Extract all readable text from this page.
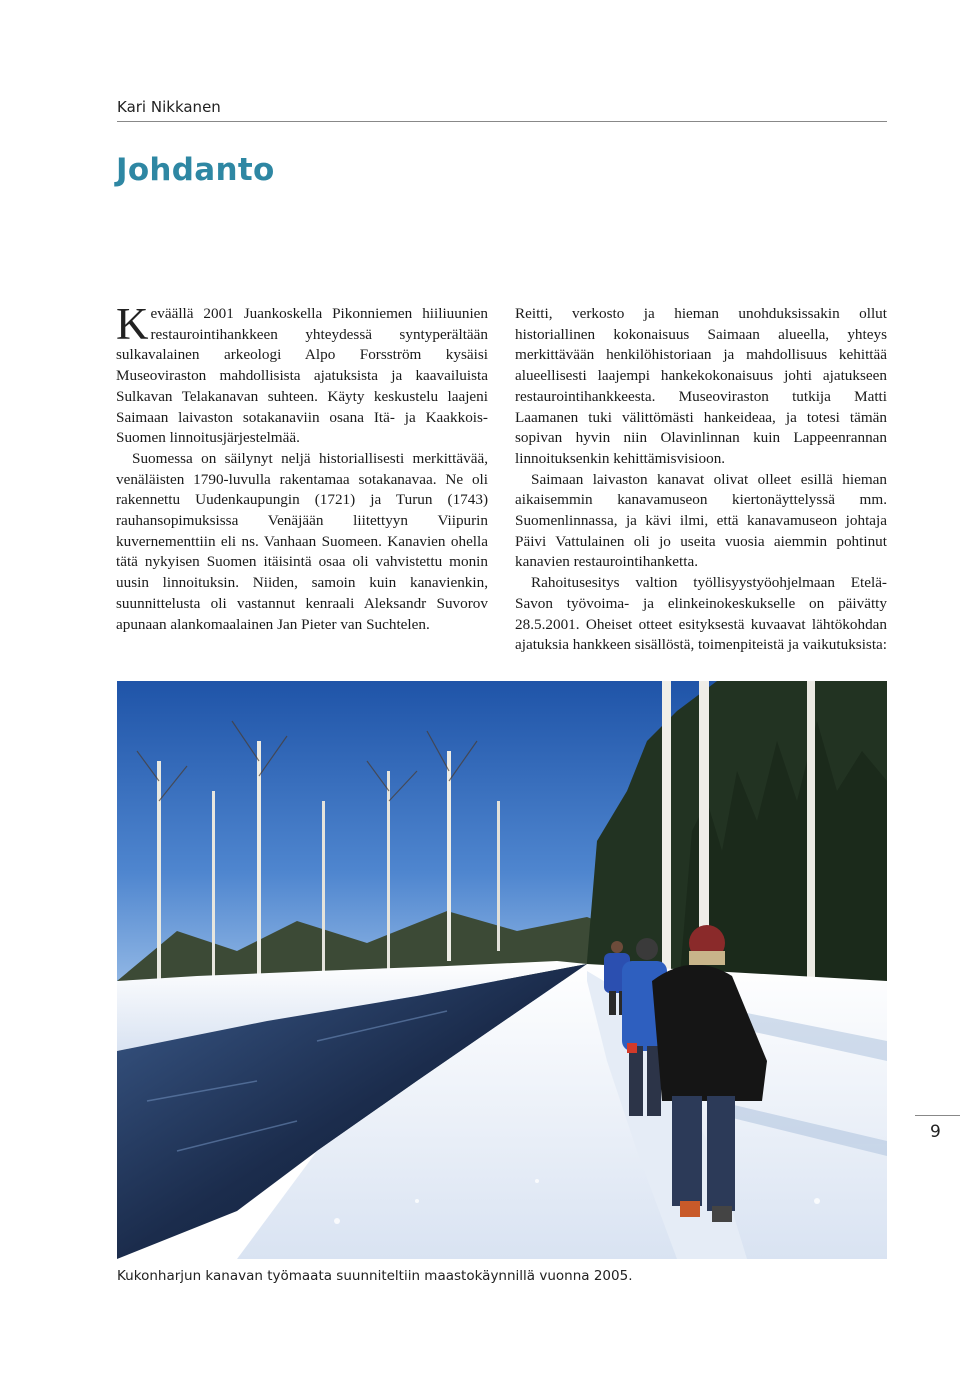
Kari Nikkanen
Johdanto

Keväällä 2001 Juankoskella Pikonniemen hiiliuunien restaurointihankkeen yhteydessä syntyperältään sulkavalainen arkeologi Alpo Forsström kysäisi Museoviraston mahdollisista ajatuksista ja kaavailuista Sulkavan Telakanavan suhteen. Käyty keskustelu laajeni Saimaan laivaston sotakanaviin osana Itä- ja Kaakkois-Suomen linnoitusjärjestelmää.

Suomessa on säilynyt neljä historiallisesti merkittävää, venäläisten 1790-luvulla rakentamaa sotakanavaa. Ne oli rakennettu Uudenkaupungin (1721) ja Turun (1743) rauhansopimuksissa Venäjään liitettyyn Viipurin kuvernementtiin eli ns. Vanhaan Suomeen. Kanavien ohella tätä nykyisen Suomen itäisintä osaa oli vahvistettu monin uusin linnoituksin. Niiden, samoin kuin kanavienkin, suunnittelusta oli vastannut kenraali Aleksandr Suvorov apunaan alankomaalainen Jan Pieter van Suchtelen.

Reitti, verkosto ja hieman unohduksissakin ollut historiallinen kokonaisuus Saimaan alueella, yhteys merkittävään henkilöhistoriaan ja mahdollisuus kehittää alueellisesti laajempi hankekokonaisuus johti ajatukseen restaurointihankkeesta. Museoviraston tutkija Matti Laamanen tuki välittömästi hankeideaa, ja totesi tämän sopivan hyvin niin Olavinlinnan kuin Lappeenrannan linnoituksenkin kehittämisvisioon.

Saimaan laivaston kanavat olivat olleet esillä hieman aikaisemmin kanavamuseon kiertonäyttelyssä mm. Suomenlinnassa, ja kävi ilmi, että kanavamuseon johtaja Päivi Vattulainen oli jo useita vuosia aiemmin pohtinut kanavien restaurointihanketta.

Rahoitusesitys valtion työllisyystyöohjelmaan Etelä-Savon työvoima- ja elinkeinokeskukselle on päivätty 28.5.2001. Oheiset otteet esityksestä kuvaavat lähtökohdan ajatuksia hankkeen sisällöstä, toimenpiteistä ja vaikutuksista:

Kukonharjun kanavan työmaata suunniteltiin maastokäynnillä vuonna 2005.
9
